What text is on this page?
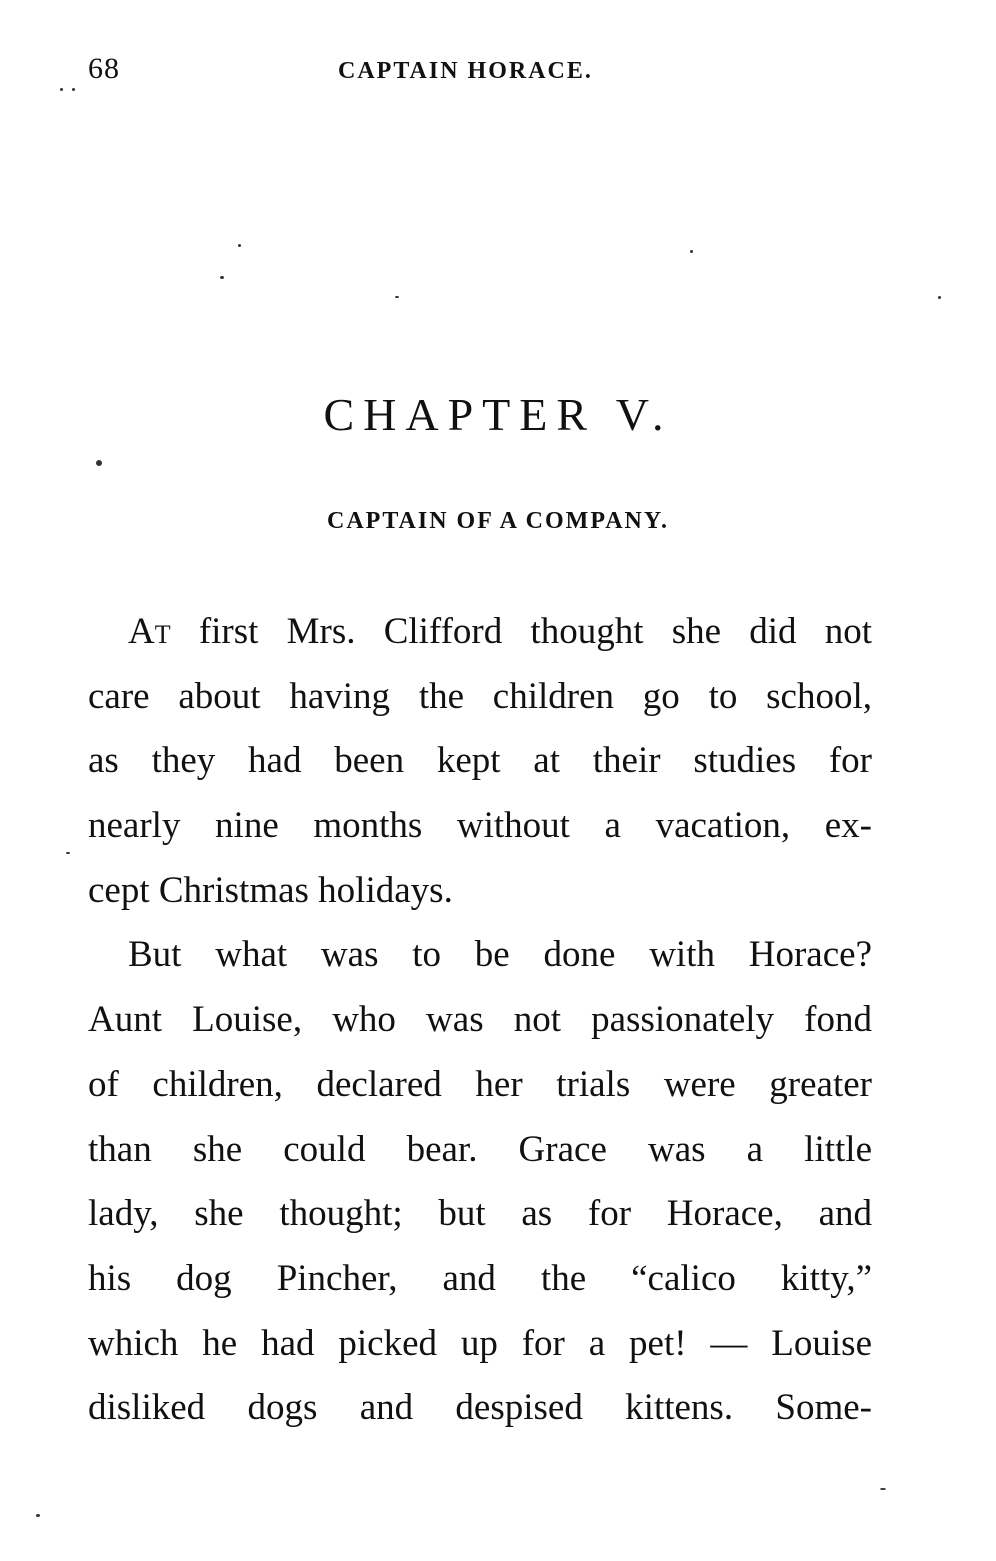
68	CAPTAIN HORACE.
CHAPTER V.
CAPTAIN OF A COMPANY.
At first Mrs. Clifford thought she did not
care about having the children go to school,
as they had been kept at their studies for
nearly nine months without a vacation, ex-
cept Christmas holidays.
But what was to be done with Horace?
Aunt Louise, who was not passionately fond
of children, declared her trials were greater
than she could bear. Grace was a little
lady, she thought; but as for Horace, and
his dog Pincher, and the “calico kitty,”
which he had picked up for a pet! — Louise
disliked dogs and despised kittens. Some-
